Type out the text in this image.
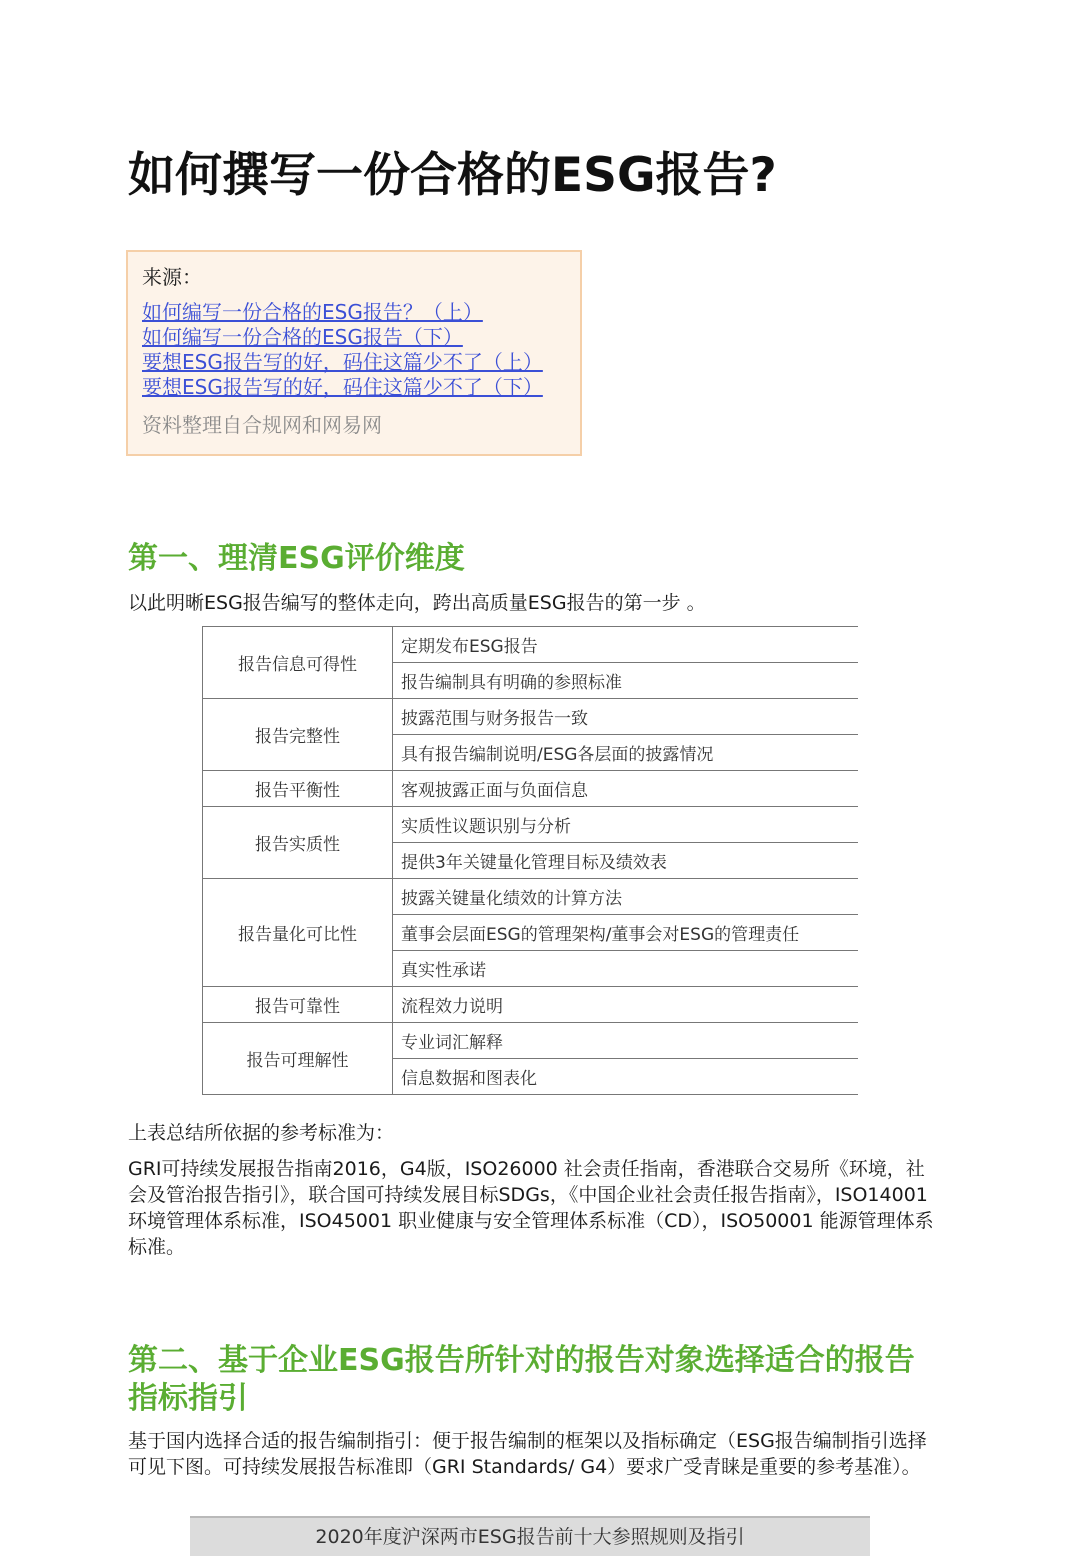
如何撰写一份合格的ESG报告?
来源：
如何编写一份合格的ESG报告？（上）
如何编写一份合格的ESG报告（下）
要想ESG报告写的好，码住这篇少不了（上）
要想ESG报告写的好，码住这篇少不了（下）
资料整理自合规网和网易网
第一、理清ESG评价维度

以此明晰ESG报告编写的整体走向，跨出高质量ESG报告的第一步 。

报告信息可得性	定期发布ESG报告
	报告编制具有明确的参照标准
报告完整性	披露范围与财务报告一致
	具有报告编制说明/ESG各层面的披露情况
报告平衡性	客观披露正面与负面信息
报告实质性	实质性议题识别与分析
	提供3年关键量化管理目标及绩效表
报告量化可比性	披露关键量化绩效的计算方法
	董事会层面ESG的管理架构/董事会对ESG的管理责任
	真实性承诺
报告可靠性	流程效力说明
报告可理解性	专业词汇解释
	信息数据和图表化

上表总结所依据的参考标准为：

GRI可持续发展报告指南2016，G4版，ISO26000 社会责任指南，香港联合交易所《环境，社会及管治报告指引》，联合国可持续发展目标SDGs，《中国企业社会责任报告指南》，ISO14001 环境管理体系标准，ISO45001 职业健康与安全管理体系标准（CD），ISO50001 能源管理体系标准。

第二、基于企业ESG报告所针对的报告对象选择适合的报告指标指引

基于国内选择合适的报告编制指引：便于报告编制的框架以及指标确定（ESG报告编制指引选择可见下图。可持续发展报告标准即（GRI Standards/ G4）要求广受青睐是重要的参考基准）。

2020年度沪深两市ESG报告前十大参照规则及指引
